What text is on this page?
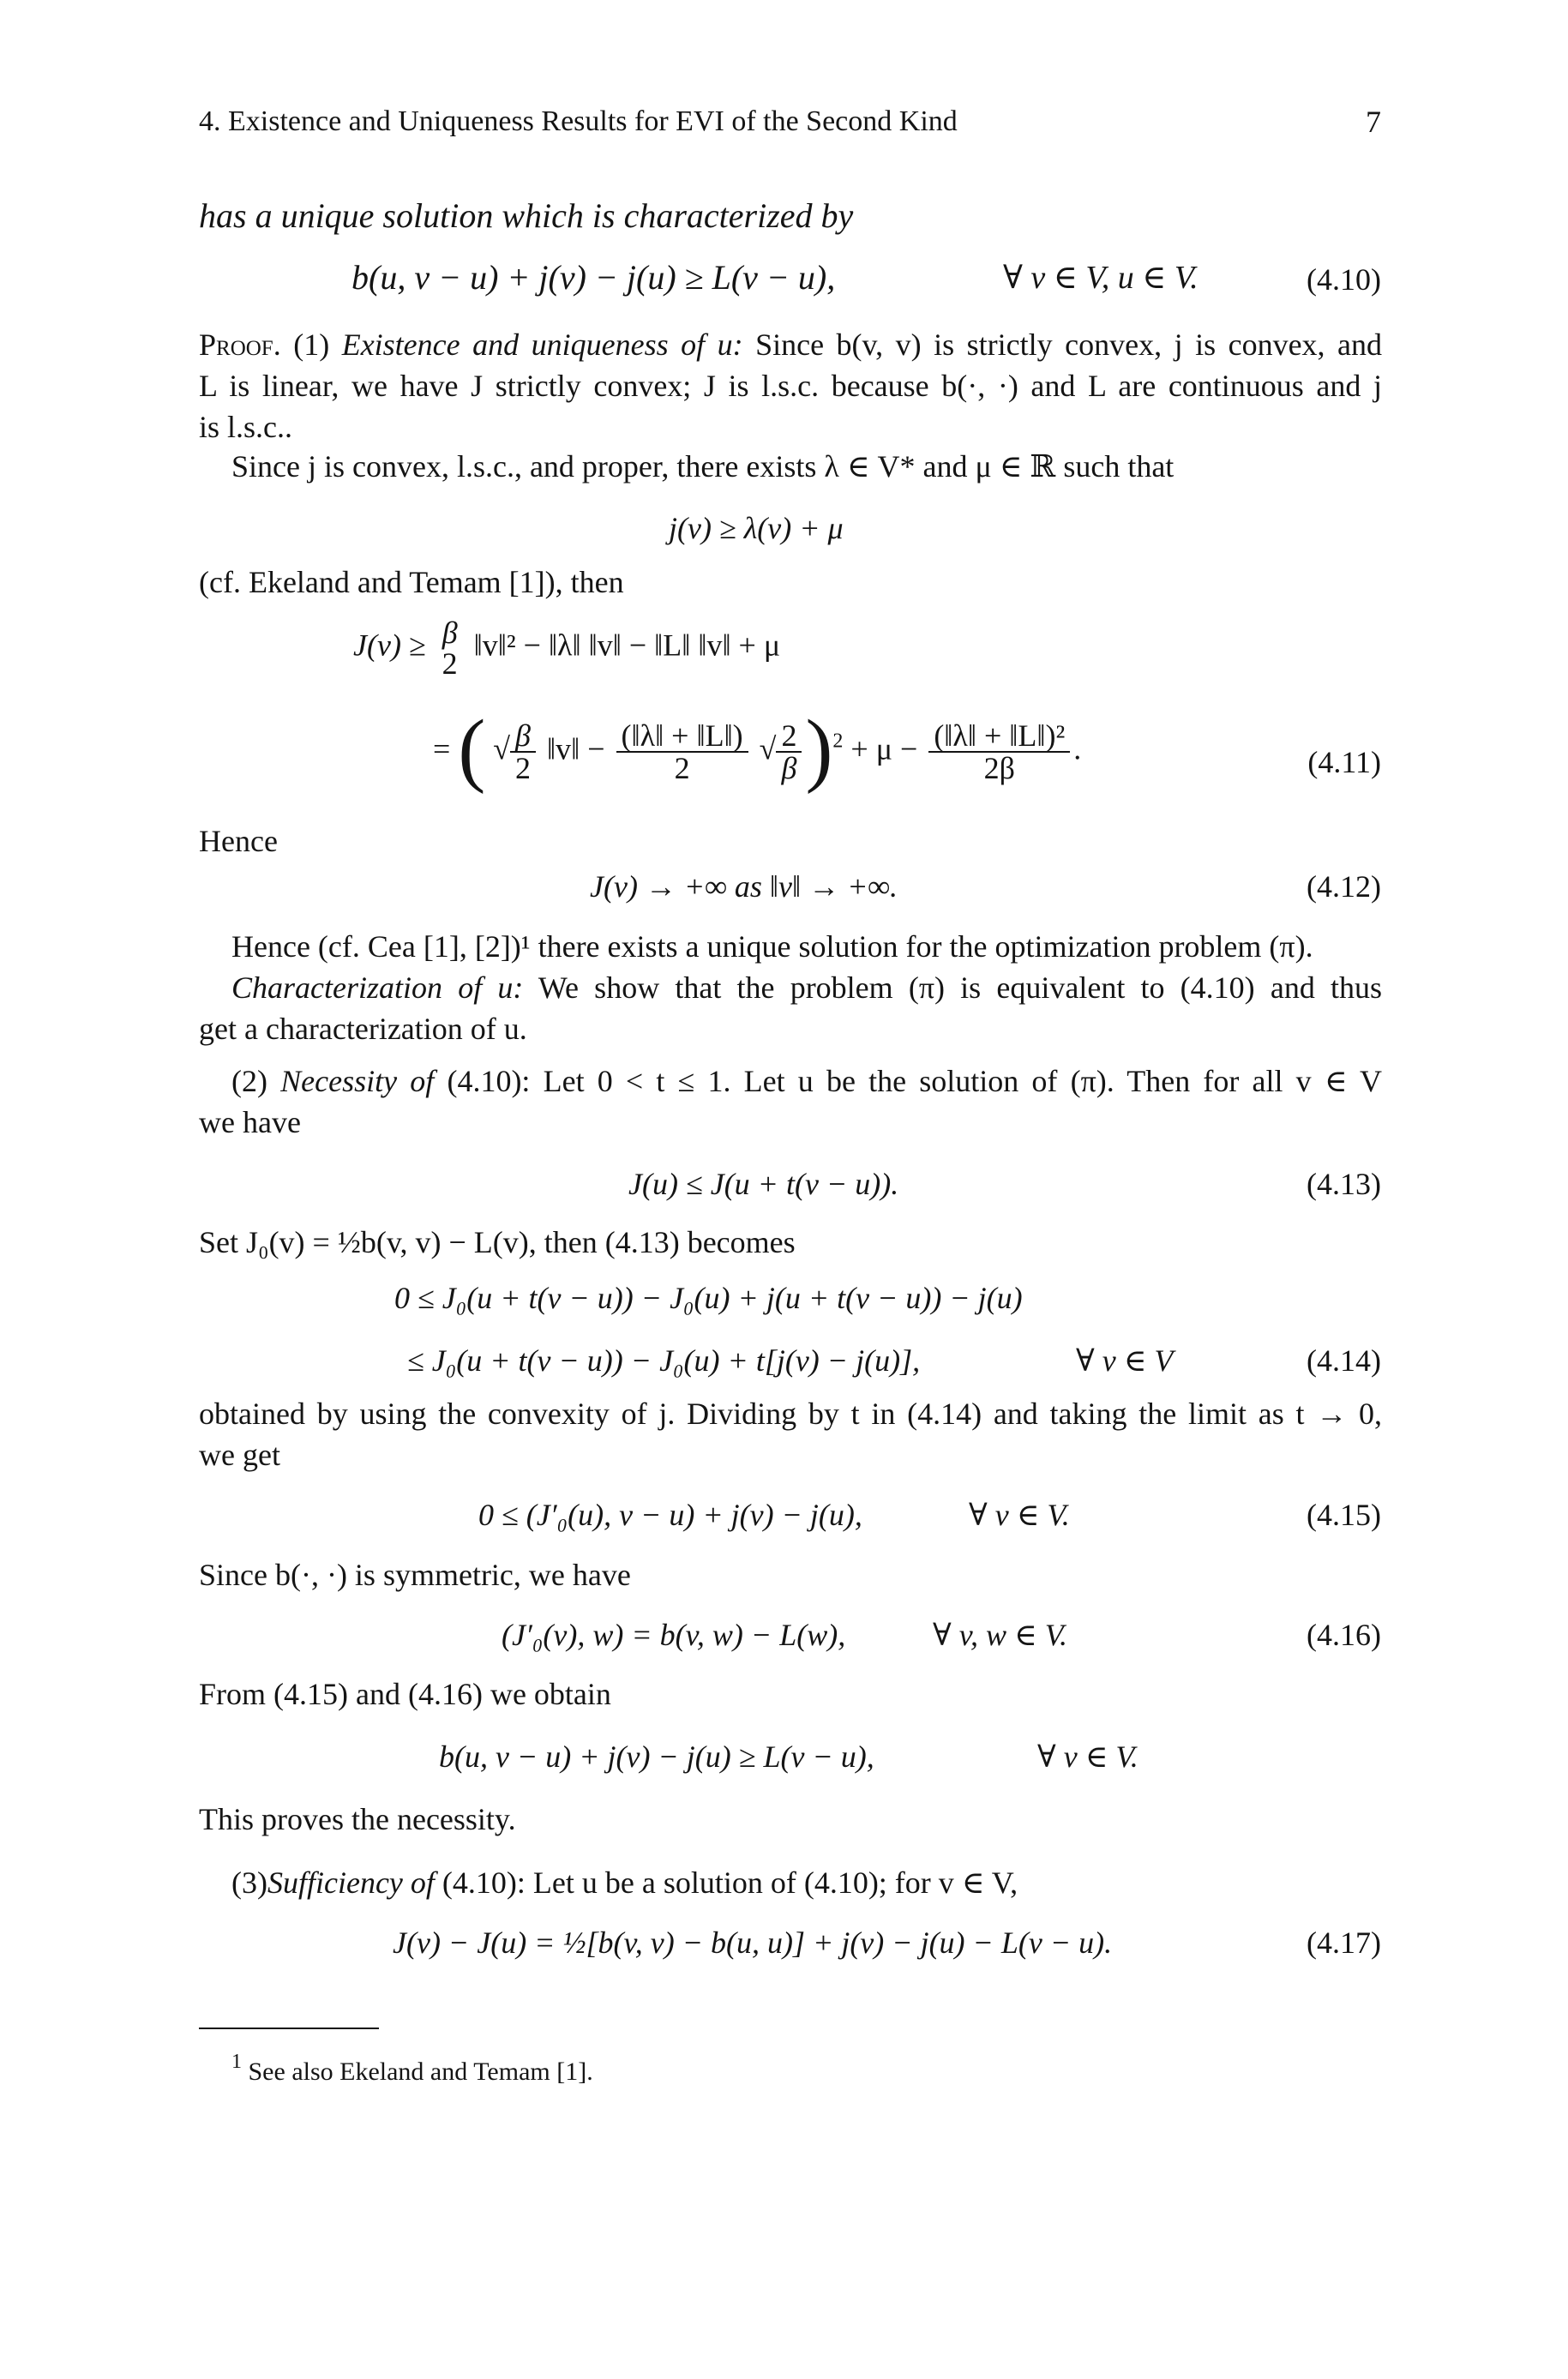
4. Existence and Uniqueness Results for EVI of the Second Kind	7
has a unique solution which is characterized by
b(u, v − u) + j(v) − j(u) ≥ L(v − u),	∀ v ∈ V, u ∈ V.	(4.10)
Proof. (1) Existence and uniqueness of u: Since b(v, v) is strictly convex, j is convex, and
L is linear, we have J strictly convex; J is l.s.c. because b(·, ·) and L are continuous and j
is l.s.c..
Since j is convex, l.s.c., and proper, there exists λ ∈ V* and μ ∈ ℝ such that
j(v) ≥ λ(v) + μ
(cf. Ekeland and Temam [1]), then
J(v) ≥ β
2
‖v‖² − ‖λ‖ ‖v‖ − ‖L‖ ‖v‖ + μ
= ( √ $\frac{\beta}{2}$ ‖v‖ − $\frac{(‖\lambda‖ + ‖L‖)}{2}$ √ $\frac{2}{\beta} )^2 + \mu - \frac{\text{(‖λ‖ + ‖L‖)²}}{2\beta}$ .	(4.11)
Hence
J(v) → +∞ as ‖v‖ → +∞.	(4.12)
Hence (cf. Cea [1], [2])¹ there exists a unique solution for the optimization problem (π).
Characterization of u: We show that the problem (π) is equivalent to (4.10) and thus
get a characterization of u.
(2) Necessity of (4.10): Let 0 < t ≤ 1. Let u be the solution of (π). Then for all v ∈ V
we have
J(u) ≤ J(u + t(v − u)).	(4.13)
Set J₀(v) = ½b(v, v) − L(v), then (4.13) becomes
0 ≤ J₀(u + t(v − u)) − J₀(u) + j(u + t(v − u)) − j(u)
≤ J₀(u + t(v − u)) − J₀(u) + t[j(v) − j(u)],	∀ v ∈ V	(4.14)
obtained by using the convexity of j. Dividing by t in (4.14) and taking the limit as t → 0,
we get
0 ≤ (J′₀(u), v − u) + j(v) − j(u),	∀ v ∈ V.	(4.15)
Since b(·, ·) is symmetric, we have
(J′₀(v), w) = b(v, w) − L(w),	∀ v, w ∈ V.	(4.16)
From (4.15) and (4.16) we obtain
b(u, v − u) + j(v) − j(u) ≥ L(v − u),	∀ v ∈ V.
This proves the necessity.
(3)Sufficiency of (4.10): Let u be a solution of (4.10); for v ∈ V,
J(v) − J(u) = ½[b(v, v) − b(u, u)] + j(v) − j(u) − L(v − u).	(4.17)
$^1$ See also Ekeland and Temam [1].
